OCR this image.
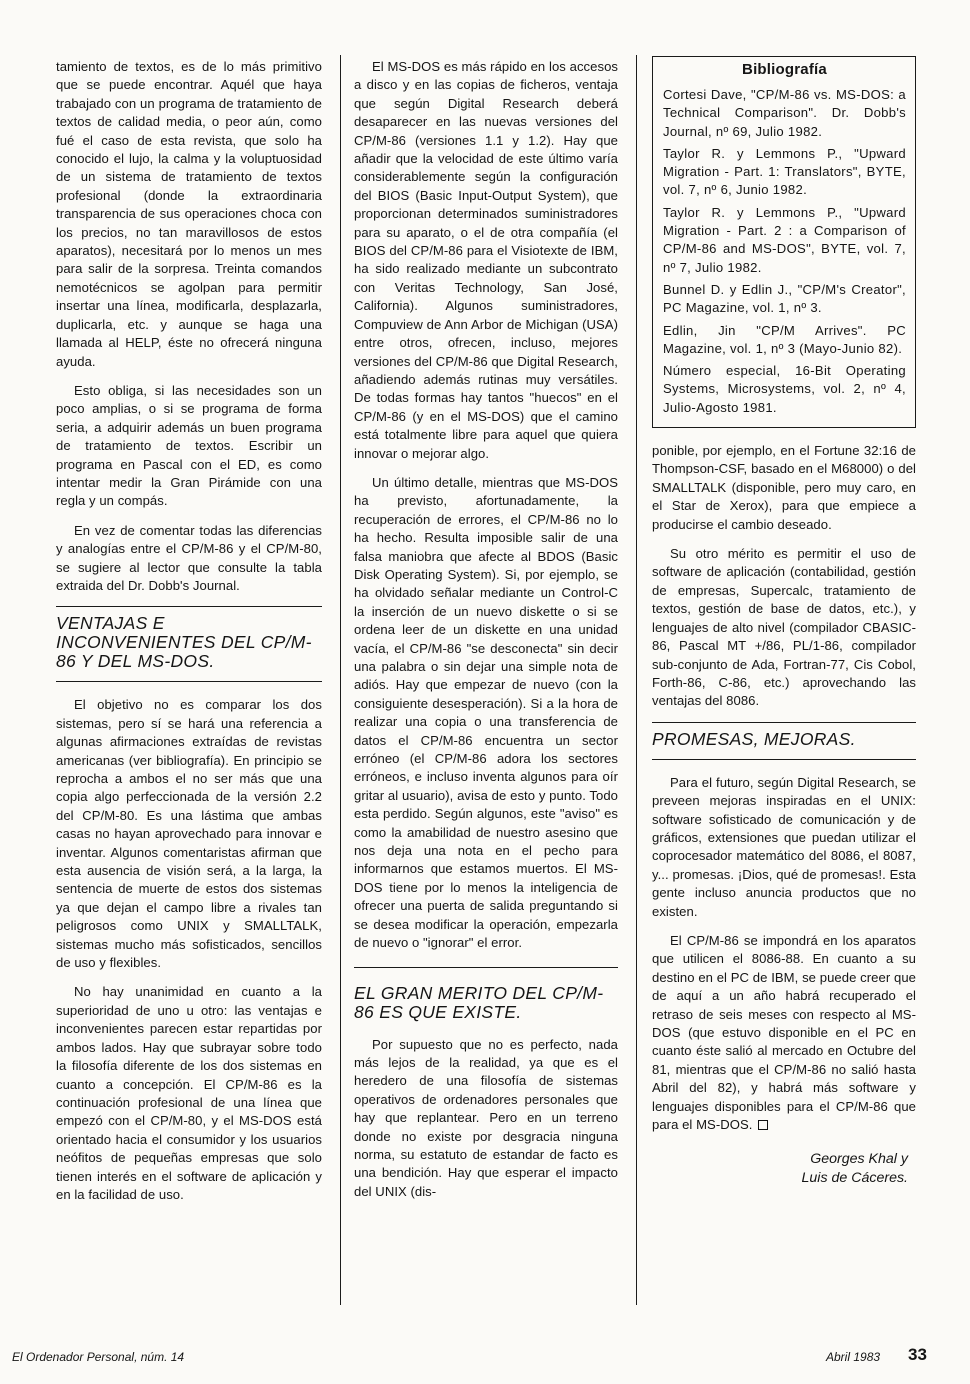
tamiento de textos, es de lo más primitivo que se puede encontrar. Aquél que haya trabajado con un programa de tratamiento de textos de calidad media, o peor aún, como fué el caso de esta revista, que solo ha conocido el lujo, la calma y la voluptuosidad de un sistema de tratamiento de textos profesional (donde la extraordinaria transparencia de sus operaciones choca con los precios, no tan maravillosos de estos aparatos), necesitará por lo menos un mes para salir de la sorpresa. Treinta comandos nemotécnicos se agolpan para permitir insertar una línea, modificarla, desplazarla, duplicarla, etc. y aunque se haga una llamada al HELP, éste no ofrecerá ninguna ayuda.

Esto obliga, si las necesidades son un poco amplias, o si se programa de forma seria, a adquirir además un buen programa de tratamiento de textos. Escribir un programa en Pascal con el ED, es como intentar medir la Gran Pirámide con una regla y un compás.

En vez de comentar todas las diferencias y analogías entre el CP/M-86 y el CP/M-80, se sugiere al lector que consulte la tabla extraida del Dr. Dobb's Journal.

VENTAJAS E INCONVENIENTES DEL CP/M-86 Y DEL MS-DOS.

El objetivo no es comparar los dos sistemas, pero sí se hará una referencia a algunas afirmaciones extraídas de revistas americanas (ver bibliografía). En principio se reprocha a ambos el no ser más que una copia algo perfeccionada de la versión 2.2 del CP/M-80. Es una lástima que ambas casas no hayan aprovechado para innovar e inventar. Algunos comentaristas afirman que esta ausencia de visión será, a la larga, la sentencia de muerte de estos dos sistemas ya que dejan el campo libre a rivales tan peligrosos como UNIX y SMALLTALK, sistemas mucho más sofisticados, sencillos de uso y flexibles.

No hay unanimidad en cuanto a la superioridad de uno u otro: las ventajas e inconvenientes parecen estar repartidas por ambos lados. Hay que subrayar sobre todo la filosofía diferente de los dos sistemas en cuanto a concepción. El CP/M-86 es la continuación profesional de una línea que empezó con el CP/M-80, y el MS-DOS está orientado hacia el consumidor y los usuarios neófitos de pequeñas empresas que solo tienen interés en el software de aplicación y en la facilidad de uso.

El MS-DOS es más rápido en los accesos a disco y en las copias de ficheros, ventaja que según Digital Research deberá desaparecer en las nuevas versiones del CP/M-86 (versiones 1.1 y 1.2). Hay que añadir que la velocidad de este último varía considerablemente según la configuración del BIOS (Basic Input-Output System), que proporcionan determinados suministradores para su aparato, o el de otra compañía (el BIOS del CP/M-86 para el Visiotexte de IBM, ha sido realizado mediante un subcontrato con Veritas Technology, San José, California). Algunos suministradores, Compuview de Ann Arbor de Michigan (USA) entre otros, ofrecen, incluso, mejores versiones del CP/M-86 que Digital Research, añadiendo además rutinas muy versátiles. De todas formas hay tantos "huecos" en el CP/M-86 (y en el MS-DOS) que el camino está totalmente libre para aquel que quiera innovar o mejorar algo.

Un último detalle, mientras que MS-DOS ha previsto, afortunadamente, la recuperación de errores, el CP/M-86 no lo ha hecho. Resulta imposible salir de una falsa maniobra que afecte al BDOS (Basic Disk Operating System). Si, por ejemplo, se ha olvidado señalar mediante un Control-C la inserción de un nuevo diskette o si se ordena leer de un diskette en una unidad vacía, el CP/M-86 "se desconecta" sin decir una palabra o sin dejar una simple nota de adiós. Hay que empezar de nuevo (con la consiguiente desesperación). Si a la hora de realizar una copia o una transferencia de datos el CP/M-86 encuentra un sector erróneo (el CP/M-86 adora los sectores erróneos, e incluso inventa algunos para oír gritar al usuario), avisa de esto y punto. Todo esta perdido. Según algunos, este "aviso" es como la amabilidad de nuestro asesino que nos deja una nota en el pecho para informarnos que estamos muertos. El MS-DOS tiene por lo menos la inteligencia de ofrecer una puerta de salida preguntando si se desea modificar la operación, empezarla de nuevo o "ignorar" el error.

EL GRAN MERITO DEL CP/M-86 ES QUE EXISTE.

Por supuesto que no es perfecto, nada más lejos de la realidad, ya que es el heredero de una filosofía de sistemas operativos de ordenadores personales que hay que replantear. Pero en un terreno donde no existe por desgracia ninguna norma, su estatuto de estandar de facto es una bendición. Hay que esperar el impacto del UNIX (dis-

Bibliografía
Cortesi Dave, "CP/M-86 vs. MS-DOS: a Technical Comparison". Dr. Dobb's Journal, nº 69, Julio 1982.
Taylor R. y Lemmons P., "Upward Migration - Part. 1: Translators", BYTE, vol. 7, nº 6, Junio 1982.
Taylor R. y Lemmons P., "Upward Migration - Part. 2 : a Comparison of CP/M-86 and MS-DOS", BYTE, vol. 7, nº 7, Julio 1982.
Bunnel D. y Edlin J., "CP/M's Creator", PC Magazine, vol. 1, nº 3.
Edlin, Jin "CP/M Arrives". PC Magazine, vol. 1, nº 3 (Mayo-Junio 82).
Número especial, 16-Bit Operating Systems, Microsystems, vol. 2, nº 4, Julio-Agosto 1981.

ponible, por ejemplo, en el Fortune 32:16 de Thompson-CSF, basado en el M68000) o del SMALLTALK (disponible, pero muy caro, en el Star de Xerox), para que empiece a producirse el cambio deseado.

Su otro mérito es permitir el uso de software de aplicación (contabilidad, gestión de empresas, Supercalc, tratamiento de textos, gestión de base de datos, etc.), y lenguajes de alto nivel (compilador CBASIC-86, Pascal MT +/86, PL/1-86, compilador sub-conjunto de Ada, Fortran-77, Cis Cobol, Forth-86, C-86, etc.) aprovechando las ventajas del 8086.

PROMESAS, MEJORAS.

Para el futuro, según Digital Research, se preveen mejoras inspiradas en el UNIX: software sofisticado de comunicación y de gráficos, extensiones que puedan utilizar el coprocesador matemático del 8086, el 8087, y... promesas. ¡Dios, qué de promesas!. Esta gente incluso anuncia productos que no existen.

El CP/M-86 se impondrá en los aparatos que utilicen el 8086-88. En cuanto a su destino en el PC de IBM, se puede creer que de aquí a un año habrá recuperado el retraso de seis meses con respecto al MS-DOS (que estuvo disponible en el PC en cuanto éste salió al mercado en Octubre del 81, mientras que el CP/M-86 no salió hasta Abril del 82), y habrá más software y lenguajes disponibles para el CP/M-86 que para el MS-DOS.

Georges Khal y
Luis de Cáceres.
El Ordenador Personal, núm. 14	Abril 1983 33
